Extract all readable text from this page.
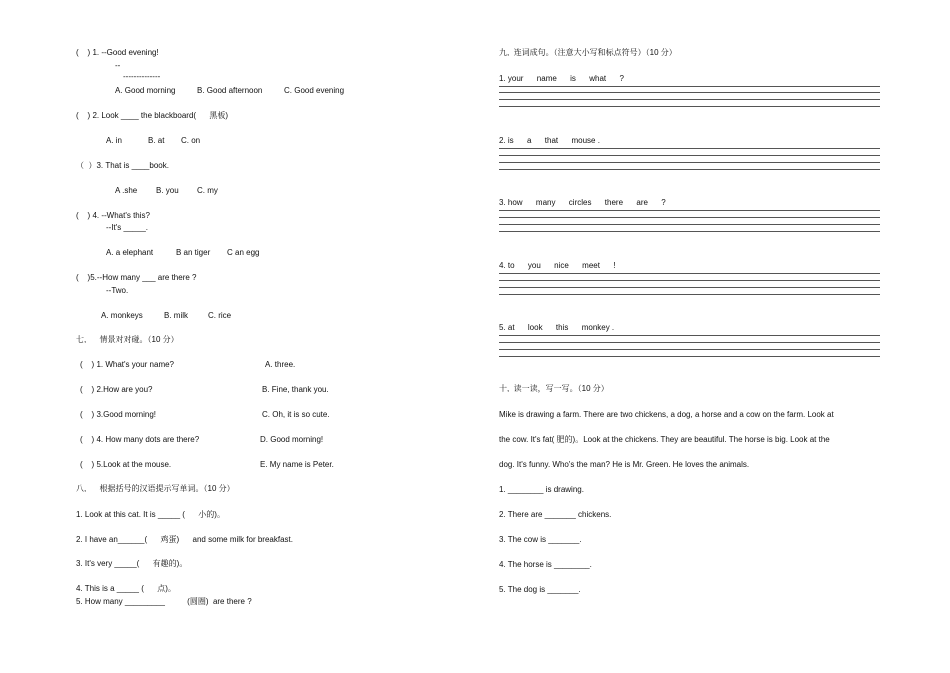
(    ) 1. --Good evening!
--
--------------
A. Good morning	B. Good afternoon	C. Good evening
(    ) 2. Look ____ the blackboard(      黑板)
A. in	B. at C. on
（  ）3. That is ____book.
A .she B. you C. my
(    ) 4. --What's this?
--It's _____.
A. a elephant	B an tiger C an egg
(    )5.--How many ___ are there ?
--Two.
A. monkeys	B. milk	C. rice
七,      情景对对碰。（10 分）
(    ) 1. What's your name?	A. three.
(    ) 2.How are you?	B. Fine, thank you.
(    ) 3.Good morning!	C. Oh, it is so cute.
(    ) 4. How many dots are there?	D. Good morning!
(    ) 5.Look at the mouse.	E. My name is Peter.
八,      根据括号的汉语提示写单词。（10 分）
1. Look at this cat. It is _____ (      小的)。
2. I have an______(      鸡蛋)      and some milk for breakfast.
3. It's very _____(      有趣的)。
4. This is a _____ (      点)。
5. How many _________          (圆圈)  are there ?
九,  连词成句。（注意大小写和标点符号）（10 分）
1. your      name      is      what      ?
2. is      a      that      mouse .
3. how      many      circles      there      are      ?
4. to      you      nice      meet      !
5. at      look      this      monkey .
十,  读一读，写一写。（10 分）
Mike is drawing a farm. There are two chickens, a dog, a horse and a cow on the farm. Look at
the cow. It's fat( 肥的)。Look at the chickens. They are beautiful. The horse is big. Look at the
dog. It's funny. Who's the man? He is Mr. Green. He loves the animals.
1. ________ is drawing.
2. There are _______ chickens.
3. The cow is _______.
4. The horse is ________.
5. The dog is _______.
